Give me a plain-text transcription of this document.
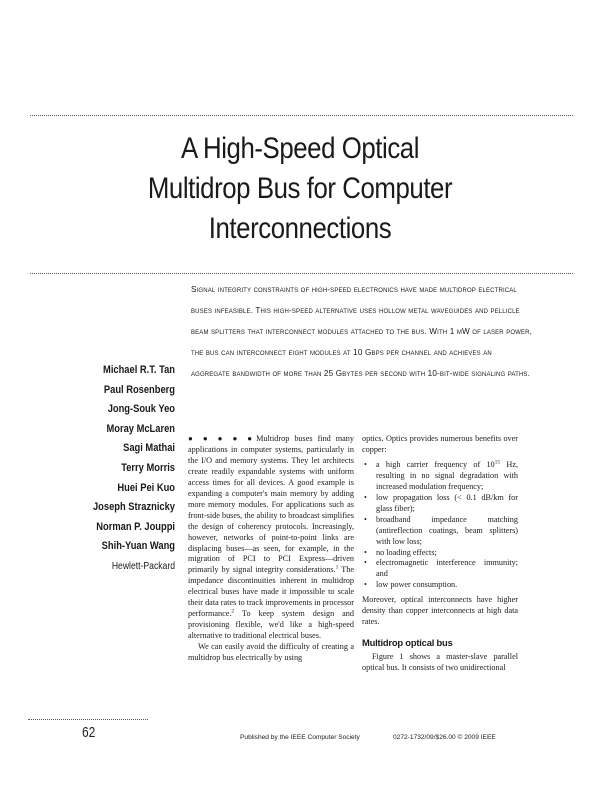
A High-Speed Optical
Multidrop Bus for Computer
Interconnections
Signal integrity constraints of high-speed electronics have made multidrop electrical buses infeasible. This high-speed alternative uses hollow metal waveguides and pellicle beam splitters that interconnect modules attached to the bus. With 1 mW of laser power, the bus can interconnect eight modules at 10 Gbps per channel and achieves an aggregate bandwidth of more than 25 Gbytes per second with 10-bit-wide signaling paths.
Michael R.T. Tan
Paul Rosenberg
Jong-Souk Yeo
Moray McLaren
Sagi Mathai
Terry Morris
Huei Pei Kuo
Joseph Straznicky
Norman P. Jouppi
Shih-Yuan Wang
Hewlett-Packard

● ● ● ● ●Multidrop buses find many applications in computer systems, particularly in the I/O and memory systems. They let architects create readily expandable systems with uniform access times for all devices. A good example is expanding a computer's main memory by adding more memory modules. For applications such as front-side buses, the ability to broadcast simplifies the design of coherency protocols. Increasingly, however, networks of point-to-point links are displacing buses—as seen, for example, in the migration of PCI to PCI Express—driven primarily by signal integrity considerations.$^1$ The impedance discontinuities inherent in multidrop electrical buses have made it impossible to scale their data rates to track improvements in processor performance.$^2$ To keep system design and provisioning flexible, we'd like a high-speed alternative to traditional electrical buses.

We can easily avoid the difficulty of creating a multidrop bus electrically by using

optics. Optics provides numerous benefits over copper:

• a high carrier frequency of $10^{15}$ Hz, resulting in no signal degradation with increased modulation frequency;
• low propagation loss (< 0.1 dB/km for glass fiber);
• broadband impedance matching (antireflection coatings, beam splitters) with low loss;
• no loading effects;
• electromagnetic interference immunity; and
• low power consumption.

Moreover, optical interconnects have higher density than copper interconnects at high data rates.

Multidrop optical bus

Figure 1 shows a master-slave parallel optical bus. It consists of two unidirectional

62	Published by the IEEE Computer Society	0272-1732/09/$26.00 © 2009 IEEE
